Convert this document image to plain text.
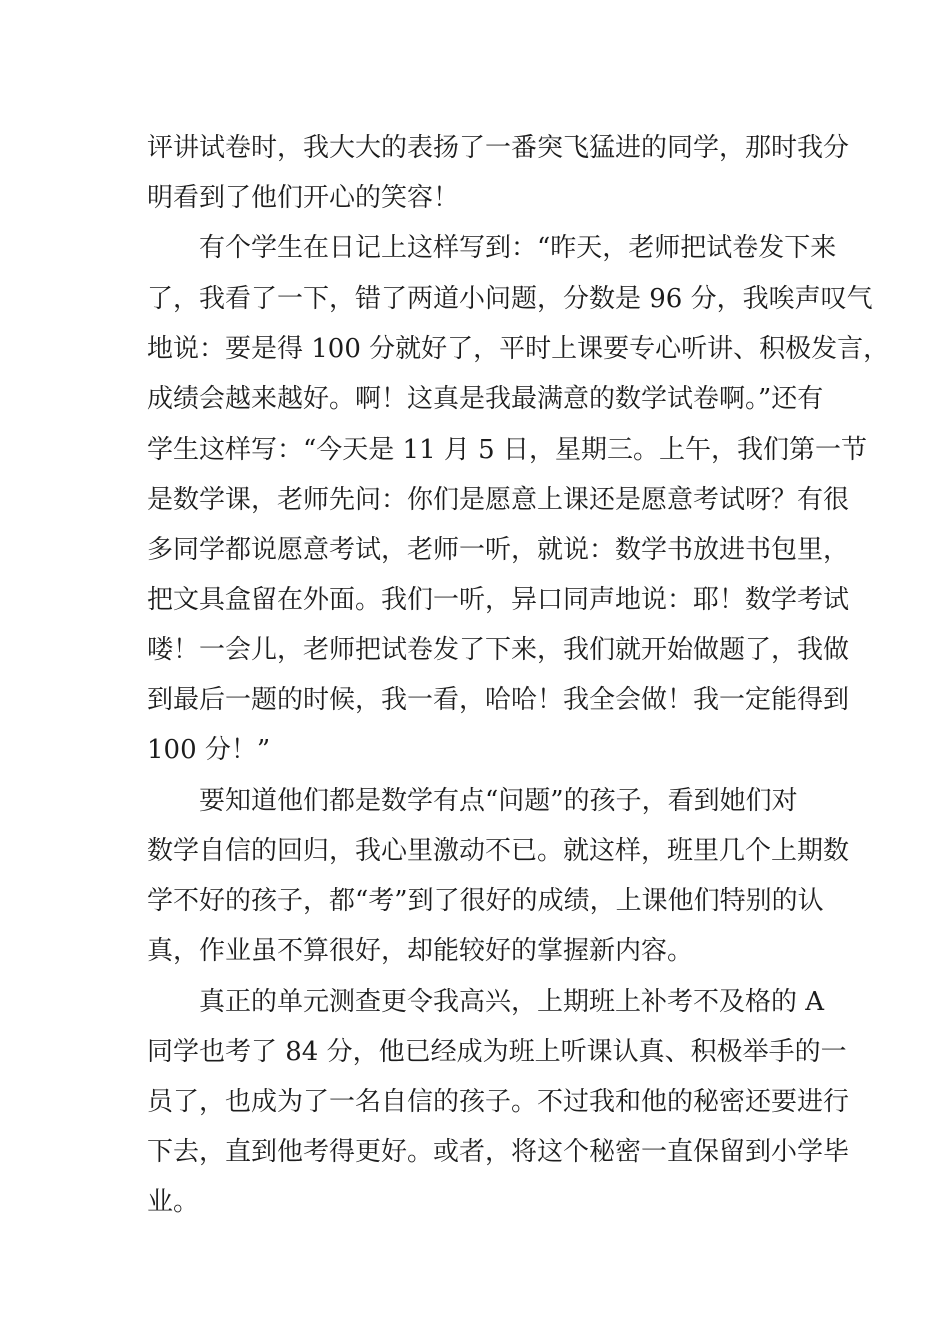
评讲试卷时，我大大的表扬了一番突飞猛进的同学，那时我分

明看到了他们开心的笑容！

有个学生在日记上这样写到：“昨天，老师把试卷发下来

了，我看了一下，错了两道小问题，分数是 96 分，我唉声叹气

地说：要是得 100 分就好了，平时上课要专心听讲、积极发言，

成绩会越来越好。啊！这真是我最满意的数学试卷啊。”还有

学生这样写：“今天是 11 月 5 日，星期三。上午，我们第一节

是数学课，老师先问：你们是愿意上课还是愿意考试呀？有很

多同学都说愿意考试，老师一听，就说：数学书放进书包里，

把文具盒留在外面。我们一听，异口同声地说：耶！数学考试

喽！一会儿，老师把试卷发了下来，我们就开始做题了，我做

到最后一题的时候，我一看，哈哈！我全会做！我一定能得到

100 分！”

要知道他们都是数学有点“问题”的孩子，看到她们对

数学自信的回归，我心里激动不已。就这样，班里几个上期数

学不好的孩子，都“考”到了很好的成绩，上课他们特别的认

真，作业虽不算很好，却能较好的掌握新内容。

真正的单元测查更令我高兴，上期班上补考不及格的 A

同学也考了 84 分，他已经成为班上听课认真、积极举手的一

员了，也成为了一名自信的孩子。不过我和他的秘密还要进行

下去，直到他考得更好。或者，将这个秘密一直保留到小学毕

业。
